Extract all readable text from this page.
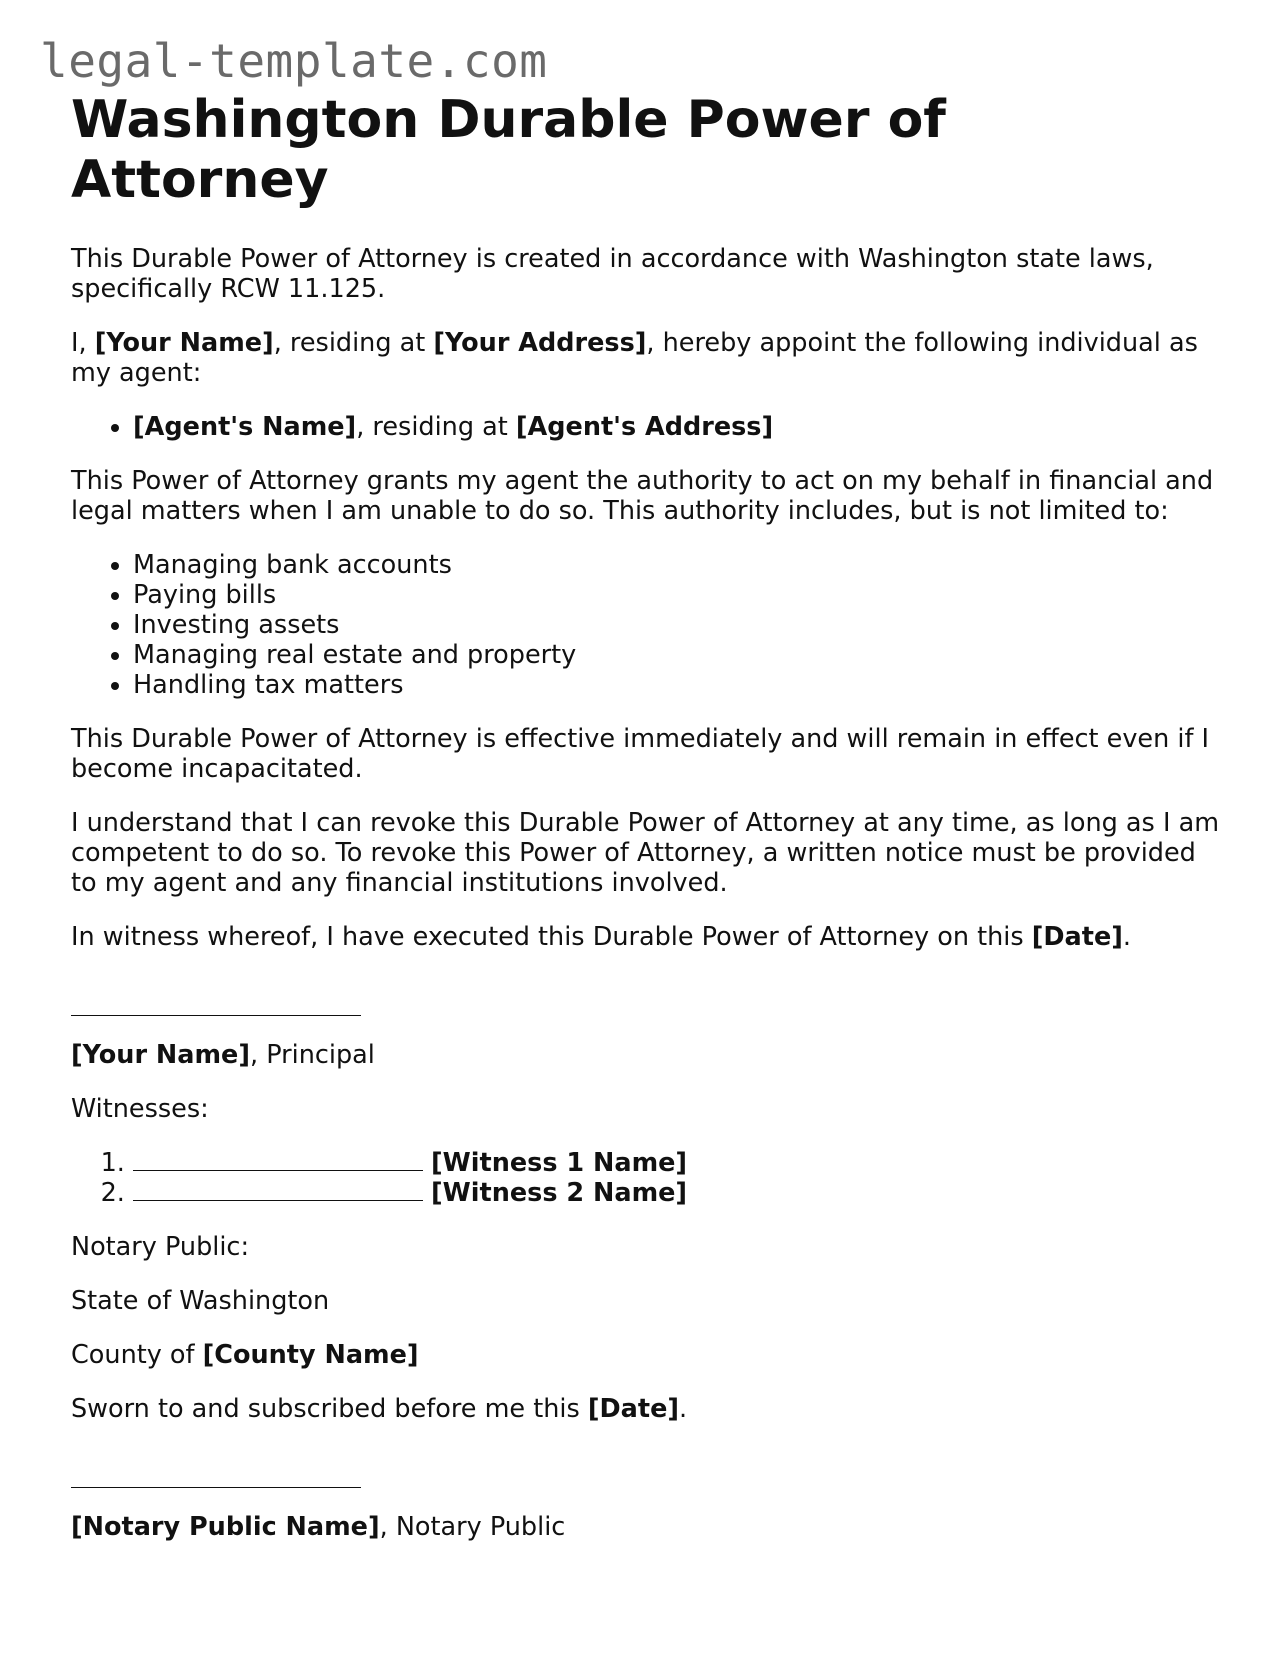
legal-template.com
Washington Durable Power of Attorney

This Durable Power of Attorney is created in accordance with Washington state laws, specifically RCW 11.125.

I, [Your Name], residing at [Your Address], hereby appoint the following individual as my agent:

• [Agent's Name], residing at [Agent's Address]

This Power of Attorney grants my agent the authority to act on my behalf in financial and legal matters when I am unable to do so. This authority includes, but is not limited to:

• Managing bank accounts
• Paying bills
• Investing assets
• Managing real estate and property
• Handling tax matters

This Durable Power of Attorney is effective immediately and will remain in effect even if I become incapacitated.

I understand that I can revoke this Durable Power of Attorney at any time, as long as I am competent to do so. To revoke this Power of Attorney, a written notice must be provided to my agent and any financial institutions involved.

In witness whereof, I have executed this Durable Power of Attorney on this [Date].

[Your Name], Principal

Witnesses:

1. [Witness 1 Name]
2. [Witness 2 Name]

Notary Public:

State of Washington

County of [County Name]

Sworn to and subscribed before me this [Date].

[Notary Public Name], Notary Public
